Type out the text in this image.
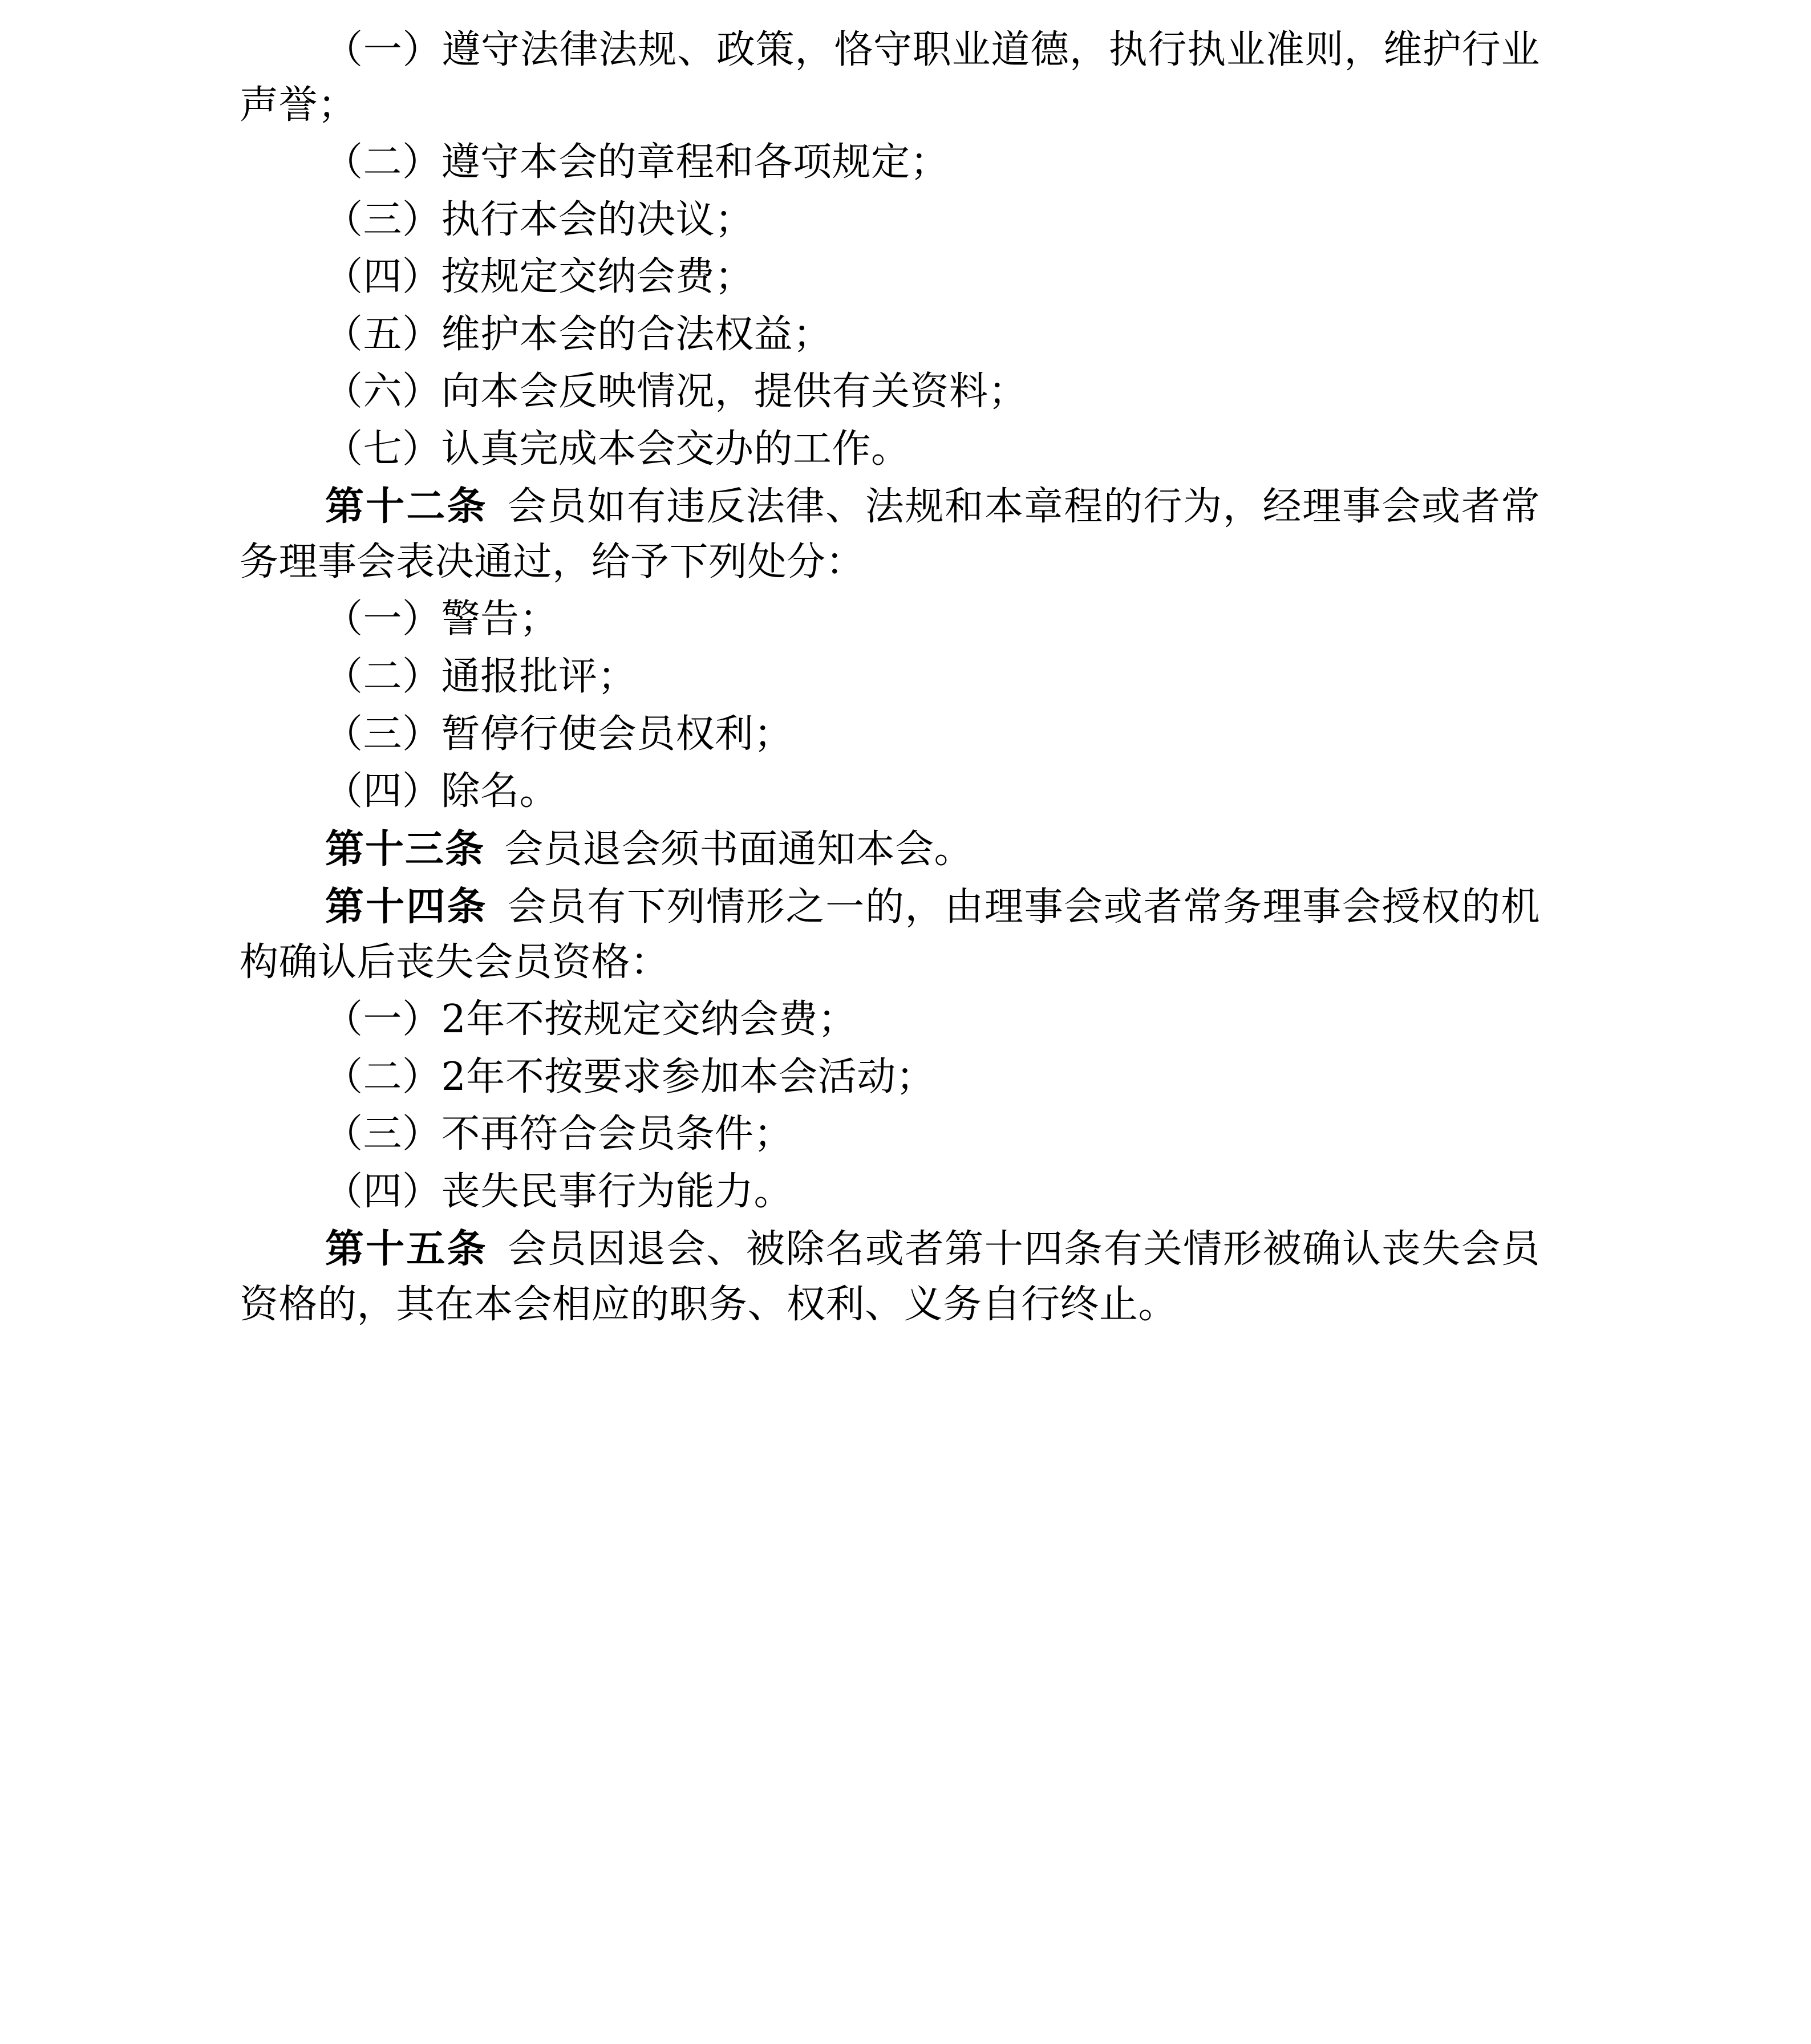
（一）遵守法律法规、政策，恪守职业道德，执行执业准则，维护行业声誉；

（二）遵守本会的章程和各项规定；

（三）执行本会的决议；

（四）按规定交纳会费；

（五）维护本会的合法权益；

（六）向本会反映情况，提供有关资料；

（七）认真完成本会交办的工作。

第十二条 会员如有违反法律、法规和本章程的行为，经理事会或者常务理事会表决通过，给予下列处分：

（一）警告；

（二）通报批评；

（三）暂停行使会员权利；

（四）除名。

第十三条 会员退会须书面通知本会。

第十四条 会员有下列情形之一的，由理事会或者常务理事会授权的机构确认后丧失会员资格：

（一）2年不按规定交纳会费；

（二）2年不按要求参加本会活动；

（三）不再符合会员条件；

（四）丧失民事行为能力。

第十五条 会员因退会、被除名或者第十四条有关情形被确认丧失会员资格的，其在本会相应的职务、权利、义务自行终止。
